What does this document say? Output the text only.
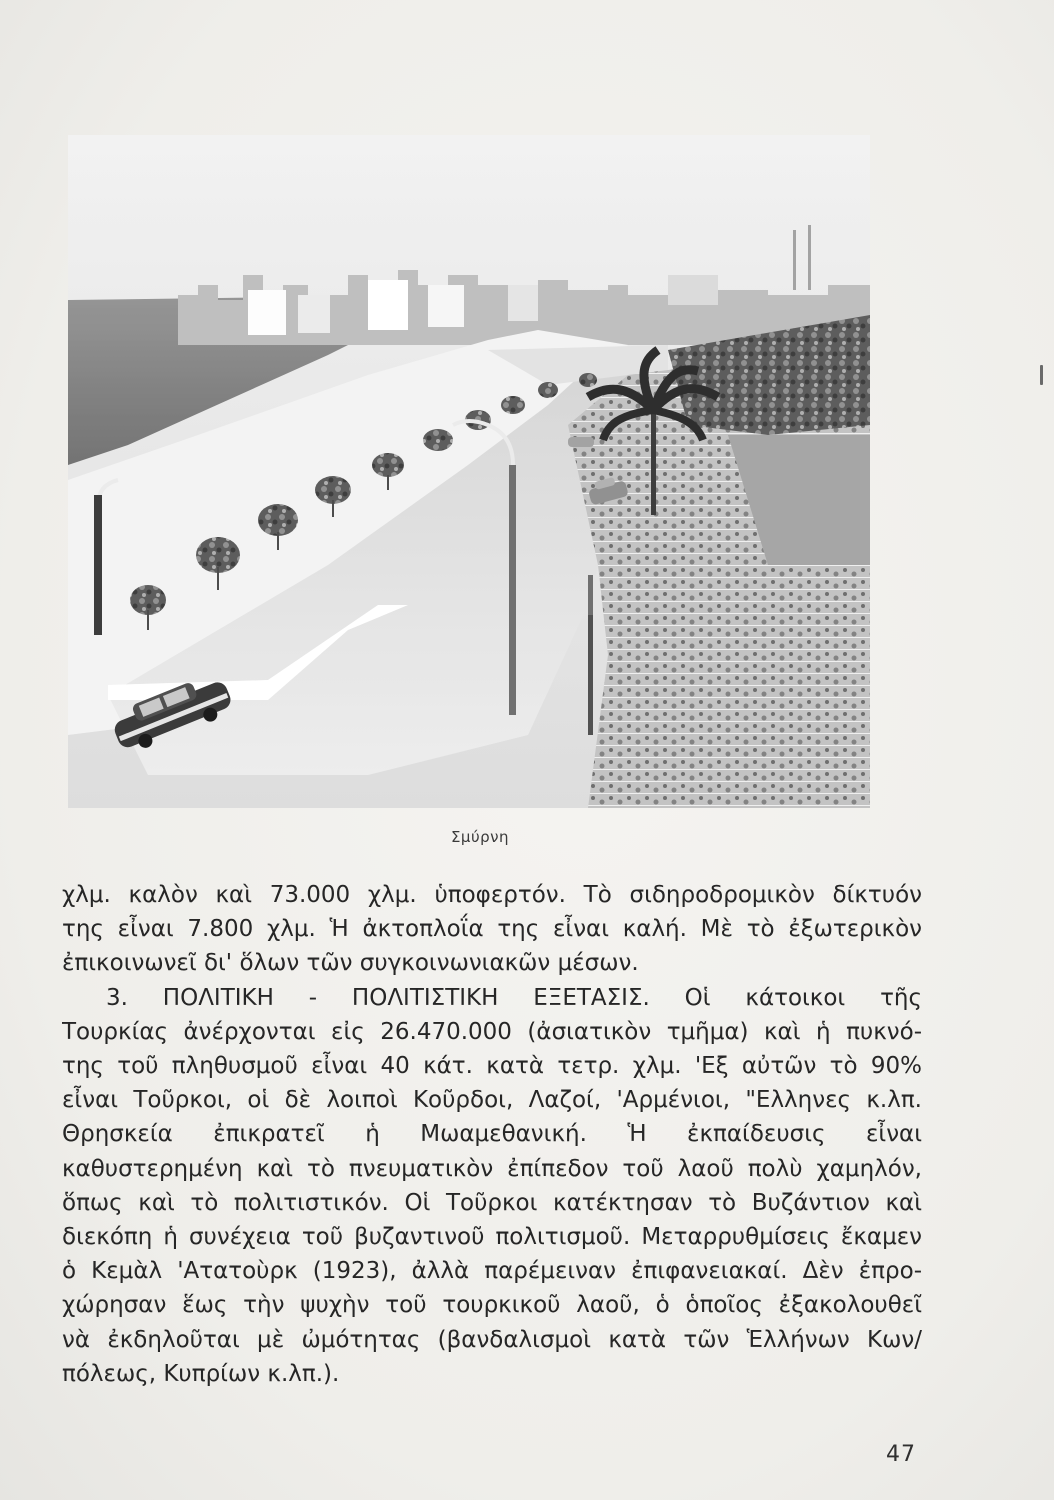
Σμύρνη
χλμ. καλὸν καὶ 73.000 χλμ. ὑποφερτόν. Τὸ σιδηροδρομικὸν δίκτυόν
της εἶναι 7.800 χλμ. Ἡ ἀκτοπλοΐα της εἶναι καλή. Μὲ τὸ ἐξωτερικὸν
ἐπικοινωνεῖ δι' ὅλων τῶν συγκοινωνιακῶν μέσων.
3. ΠΟΛΙΤΙΚΗ - ΠΟΛΙΤΙΣΤΙΚΗ ΕΞΕΤΑΣΙΣ. Οἱ κάτοικοι τῆς
Τουρκίας ἀνέρχονται εἰς 26.470.000 (ἀσιατικὸν τμῆμα) καὶ ἡ πυκνό-
της τοῦ πληθυσμοῦ εἶναι 40 κάτ. κατὰ τετρ. χλμ. 'Εξ αὐτῶν τὸ 90%
εἶναι Τοῦρκοι, οἱ δὲ λοιποὶ Κοῦρδοι, Λαζοί, 'Αρμένιοι, "Ελληνες κ.λπ.
Θρησκεία ἐπικρατεῖ ἡ Μωαμεθανική. Ἡ ἐκπαίδευσις εἶναι
καθυστερημένη καὶ τὸ πνευματικὸν ἐπίπεδον τοῦ λαοῦ πολὺ χαμηλόν,
ὅπως καὶ τὸ πολιτιστικόν. Οἱ Τοῦρκοι κατέκτησαν τὸ Βυζάντιον καὶ
διεκόπη ἡ συνέχεια τοῦ βυζαντινοῦ πολιτισμοῦ. Μεταρρυθμίσεις ἔκαμεν
ὁ Κεμὰλ 'Ατατοὺρκ (1923), ἀλλὰ παρέμειναν ἐπιφανειακαί. Δὲν ἐπρο-
χώρησαν ἕως τὴν ψυχὴν τοῦ τουρκικοῦ λαοῦ, ὁ ὁποῖος ἐξακολουθεῖ
νὰ ἐκδηλοῦται μὲ ὠμότητας (βανδαλισμοὶ κατὰ τῶν Ἑλλήνων Κων/
πόλεως, Κυπρίων κ.λπ.).
47
